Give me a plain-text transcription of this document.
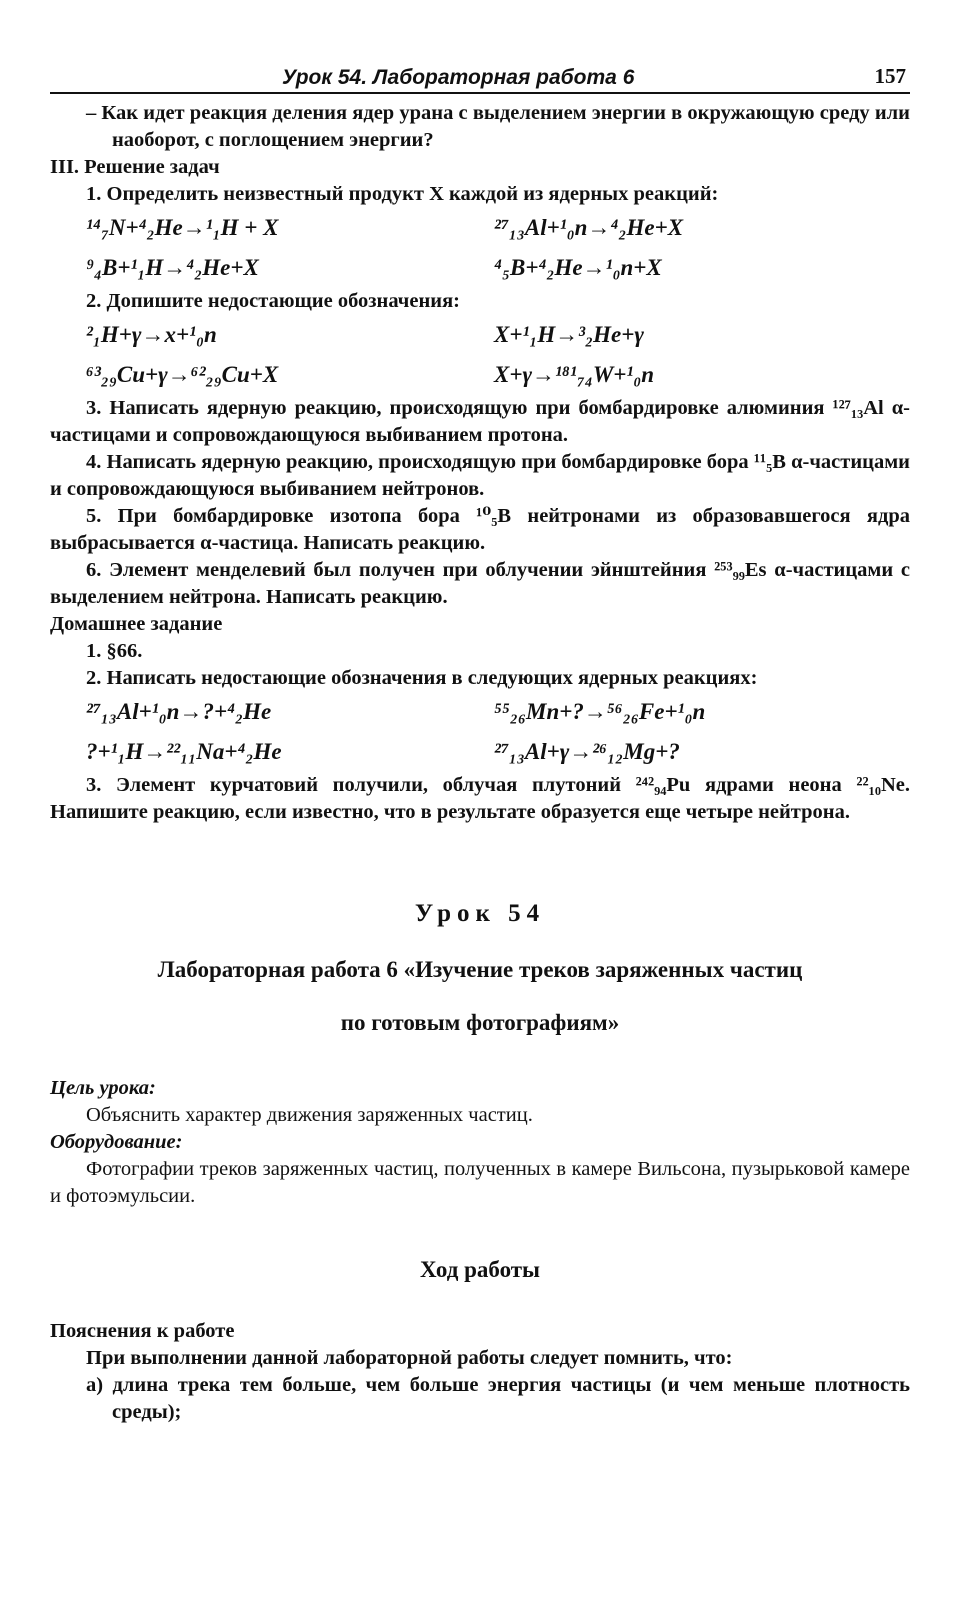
Урок 54. Лабораторная работа 6	157

– Как идет реакция деления ядер урана с выделением энергии в окружающую среду или наоборот, с поглощением энергии?

III. Решение задач

1. Определить неизвестный продукт X каждой из ядерных реакций:

¹⁴₇N+⁴₂He→¹₁H + X	²⁷₁₃Al+¹₀n→⁴₂He+X
⁹₄B+¹₁H→⁴₂He+X	⁴₅B+⁴₂He→¹₀n+X

2. Допишите недостающие обозначения:

²₁H+γ→x+¹₀n	X+¹₁H→³₂He+γ
⁶³₂₉Cu+γ→⁶²₂₉Cu+X	X+γ→¹⁸¹₇₄W+¹₀n

3. Написать ядерную реакцию, происходящую при бомбардировке алюминия ¹²⁷₁₃Al α-частицами и сопровождающуюся выбиванием протона.

4. Написать ядерную реакцию, происходящую при бомбардировке бора ¹¹₅B α-частицами и сопровождающуюся выбиванием нейтронов.

5. При бомбардировке изотопа бора ¹⁰₅B нейтронами из образовавшегося ядра выбрасывается α-частица. Написать реакцию.

6. Элемент менделевий был получен при облучении эйнштейния ²⁵³₉₉Es α-частицами с выделением нейтрона. Написать реакцию.

Домашнее задание

1. §66.

2. Написать недостающие обозначения в следующих ядерных реакциях:

²⁷₁₃Al+¹₀n→?+⁴₂He	⁵⁵₂₆Mn+?→⁵⁶₂₆Fe+¹₀n
?+¹₁H→²²₁₁Na+⁴₂He	²⁷₁₃Al+γ→²⁶₁₂Mg+?

3. Элемент курчатовий получили, облучая плутоний ²⁴²₉₄Pu ядрами неона ²²₁₀Ne. Напишите реакцию, если известно, что в результате образуется еще четыре нейтрона.

Урок 54

Лабораторная работа 6 «Изучение треков заряженных частиц

по готовым фотографиям»

Цель урока:

Объяснить характер движения заряженных частиц.

Оборудование:

Фотографии треков заряженных частиц, полученных в камере Вильсона, пузырьковой камере и фотоэмульсии.

Ход работы

Пояснения к работе

При выполнении данной лабораторной работы следует помнить, что:

а) длина трека тем больше, чем больше энергия частицы (и чем меньше плотность среды);
